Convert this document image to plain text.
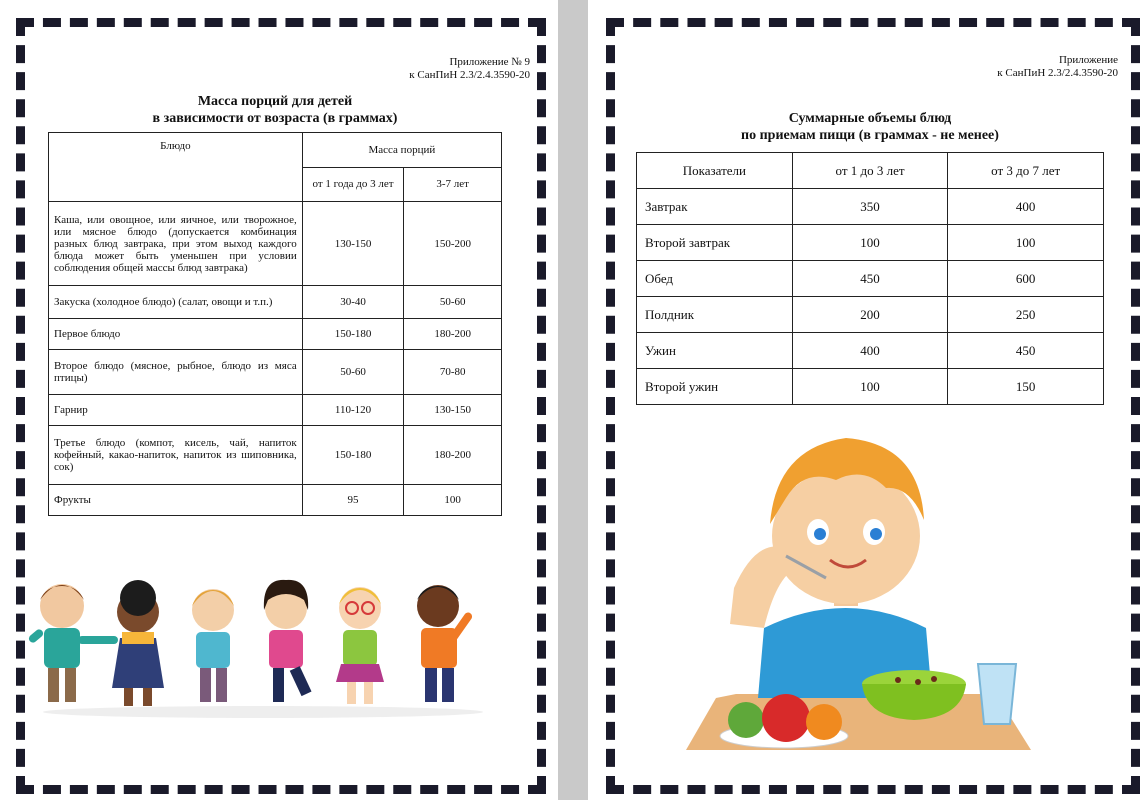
Приложение № 9
к СанПиН 2.3/2.4.3590-20
Масса порций для детей
в зависимости от возраста (в граммах)
Приложение
к СанПиН 2.3/2.4.3590-20
Суммарные объемы блюд
по приемам пищи (в граммах - не менее)
Блюдо	Масса порций	
	от 1 года до 3 лет	3-7 лет
Каша, или овощное, или яичное, или творожное, или мясное блюдо (допускается комбинация разных блюд завтрака, при этом выход каждого блюда может быть уменьшен при условии соблюдения общей массы блюд завтрака)	130-150	150-200
Закуска (холодное блюдо) (салат, овощи и т.п.)	30-40	50-60
Первое блюдо	150-180	180-200
Второе блюдо (мясное, рыбное, блюдо из мяса птицы)	50-60	70-80
Гарнир	110-120	130-150
Третье блюдо (компот, кисель, чай, напиток кофейный, какао-напиток, напиток из шиповника, сок)	150-180	180-200
Фрукты	95	100
Показатели	от 1 до 3 лет	от 3 до 7 лет
Завтрак	350	400
Второй завтрак	100	100
Обед	450	600
Полдник	200	250
Ужин	400	450
Второй ужин	100	150
